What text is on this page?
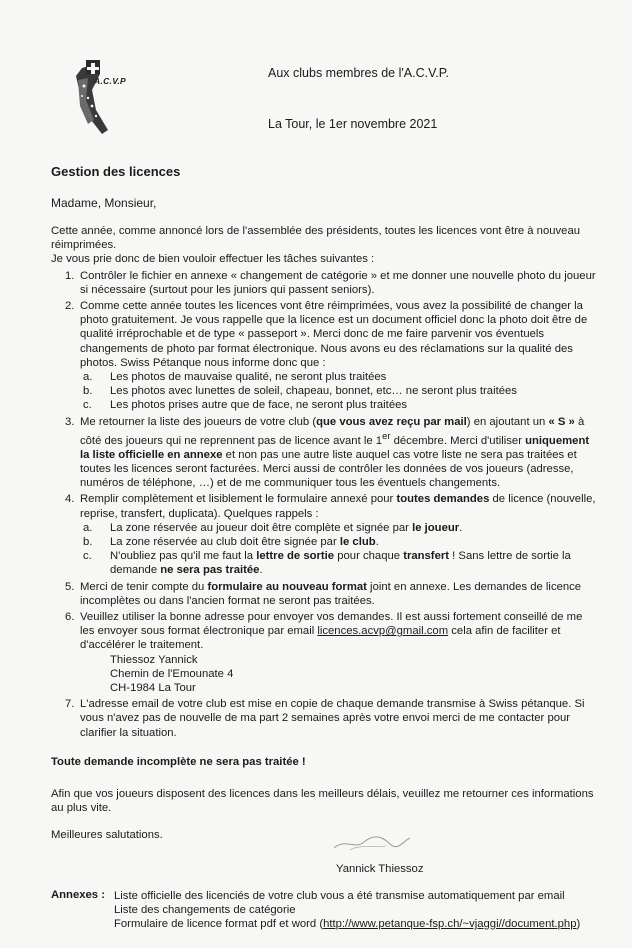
A.C.V.P
Aux clubs membres de l'A.C.V.P.
La Tour, le 1er novembre 2021
Gestion des licences
Madame, Monsieur,

Cette année, comme annoncé lors de l'assemblée des présidents, toutes les licences vont être à nouveau réimprimées.

Je vous prie donc de bien vouloir effectuer les tâches suivantes :

1. Contrôler le fichier en annexe « changement de catégorie » et me donner une nouvelle photo du joueur si nécessaire (surtout pour les juniors qui passent seniors).
2. Comme cette année toutes les licences vont être réimprimées, vous avez la possibilité de changer la photo gratuitement. Je vous rappelle que la licence est un document officiel donc la photo doit être de qualité irréprochable et de type « passeport ». Merci donc de me faire parvenir vos éventuels changements de photo par format électronique. Nous avons eu des réclamations sur la qualité des photos. Swiss Pétanque nous informe donc que :
a. Les photos de mauvaise qualité, ne seront plus traitées
b. Les photos avec lunettes de soleil, chapeau, bonnet, etc… ne seront plus traitées
c. Les photos prises autre que de face, ne seront plus traitées
3. Me retourner la liste des joueurs de votre club (que vous avez reçu par mail) en ajoutant un « S » à côté des joueurs qui ne reprennent pas de licence avant le 1er décembre. Merci d'utiliser uniquement la liste officielle en annexe et non pas une autre liste auquel cas votre liste ne sera pas traitées et toutes les licences seront facturées. Merci aussi de contrôler les données de vos joueurs (adresse, numéros de téléphone, …) et de me communiquer tous les éventuels changements.
4. Remplir complètement et lisiblement le formulaire annexé pour toutes demandes de licence (nouvelle, reprise, transfert, duplicata). Quelques rappels :
a. La zone réservée au joueur doit être complète et signée par le joueur.
b. La zone réservée au club doit être signée par le club.
c. N'oubliez pas qu'il me faut la lettre de sortie pour chaque transfert ! Sans lettre de sortie la demande ne sera pas traitée.
5. Merci de tenir compte du formulaire au nouveau format joint en annexe. Les demandes de licence incomplètes ou dans l'ancien format ne seront pas traitées.
6. Veuillez utiliser la bonne adresse pour envoyer vos demandes. Il est aussi fortement conseillé de me les envoyer sous format électronique par email licences.acvp@gmail.com cela afin de faciliter et d'accélérer le traitement.
Thiessoz Yannick
Chemin de l'Emounate 4
CH-1984 La Tour
7. L'adresse email de votre club est mise en copie de chaque demande transmise à Swiss pétanque. Si vous n'avez pas de nouvelle de ma part 2 semaines après votre envoi merci de me contacter pour clarifier la situation.
Toute demande incomplète ne sera pas traitée !
Afin que vos joueurs disposent des licences dans les meilleurs délais, veuillez me retourner ces informations au plus vite.
Meilleures salutations.
Yannick Thiessoz
Annexes : Liste officielle des licenciés de votre club vous a été transmise automatiquement par email
Liste des changements de catégorie
Formulaire de licence format pdf et word (http://www.petanque-fsp.ch/~vjaggi//document.php)
